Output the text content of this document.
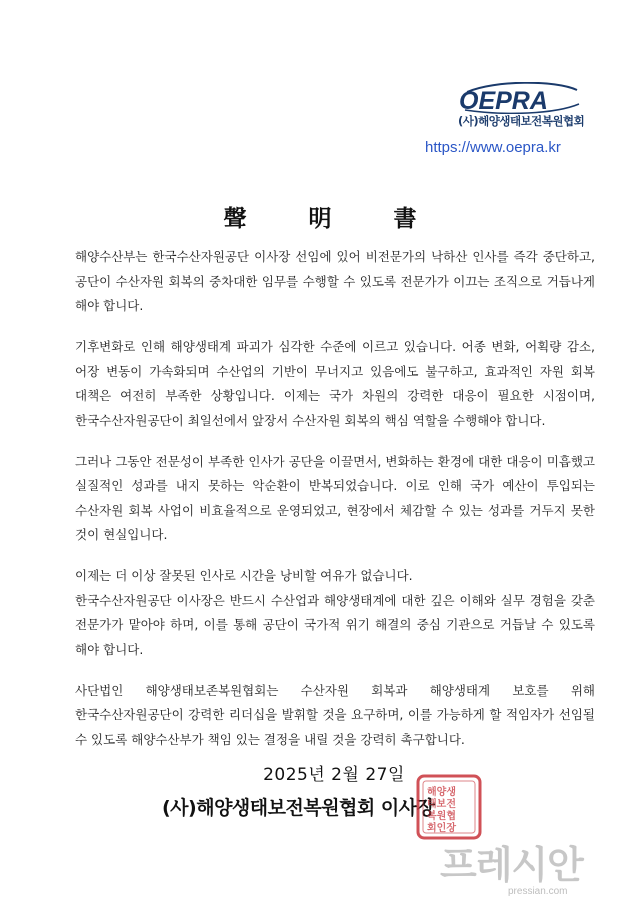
OEPRA
(사)해양생태보전복원협회
https://www.oepra.kr
聲	明	書

해양수산부는 한국수산자원공단 이사장 선임에 있어 비전문가의 낙하산 인사를 즉각 중단하고, 공단이 수산자원 회복의 중차대한 임무를 수행할 수 있도록 전문가가 이끄는 조직으로 거듭나게 해야 합니다.

기후변화로 인해 해양생태계 파괴가 심각한 수준에 이르고 있습니다. 어종 변화, 어획량 감소, 어장 변동이 가속화되며 수산업의 기반이 무너지고 있음에도 불구하고, 효과적인 자원 회복 대책은 여전히 부족한 상황입니다. 이제는 국가 차원의 강력한 대응이 필요한 시점이며, 한국수산자원공단이 최일선에서 앞장서 수산자원 회복의 핵심 역할을 수행해야 합니다.

그러나 그동안 전문성이 부족한 인사가 공단을 이끌면서, 변화하는 환경에 대한 대응이 미흡했고 실질적인 성과를 내지 못하는 악순환이 반복되었습니다. 이로 인해 국가 예산이 투입되는 수산자원 회복 사업이 비효율적으로 운영되었고, 현장에서 체감할 수 있는 성과를 거두지 못한 것이 현실입니다.

이제는 더 이상 잘못된 인사로 시간을 낭비할 여유가 없습니다.

한국수산자원공단 이사장은 반드시 수산업과 해양생태계에 대한 깊은 이해와 실무 경험을 갖춘 전문가가 맡아야 하며, 이를 통해 공단이 국가적 위기 해결의 중심 기관으로 거듭날 수 있도록 해야 합니다.

사단법인 해양생태보존복원협회는 수산자원 회복과 해양생태계 보호를 위해 한국수산자원공단이 강력한 리더십을 발휘할 것을 요구하며, 이를 가능하게 할 적임자가 선임될 수 있도록 해양수산부가 책임 있는 결정을 내릴 것을 강력히 촉구합니다.

2025년 2월 27일
(사)해양생태보전복원협회 이사장
해양생
태보전
복원협
회인장
프레시안
pressian.com
